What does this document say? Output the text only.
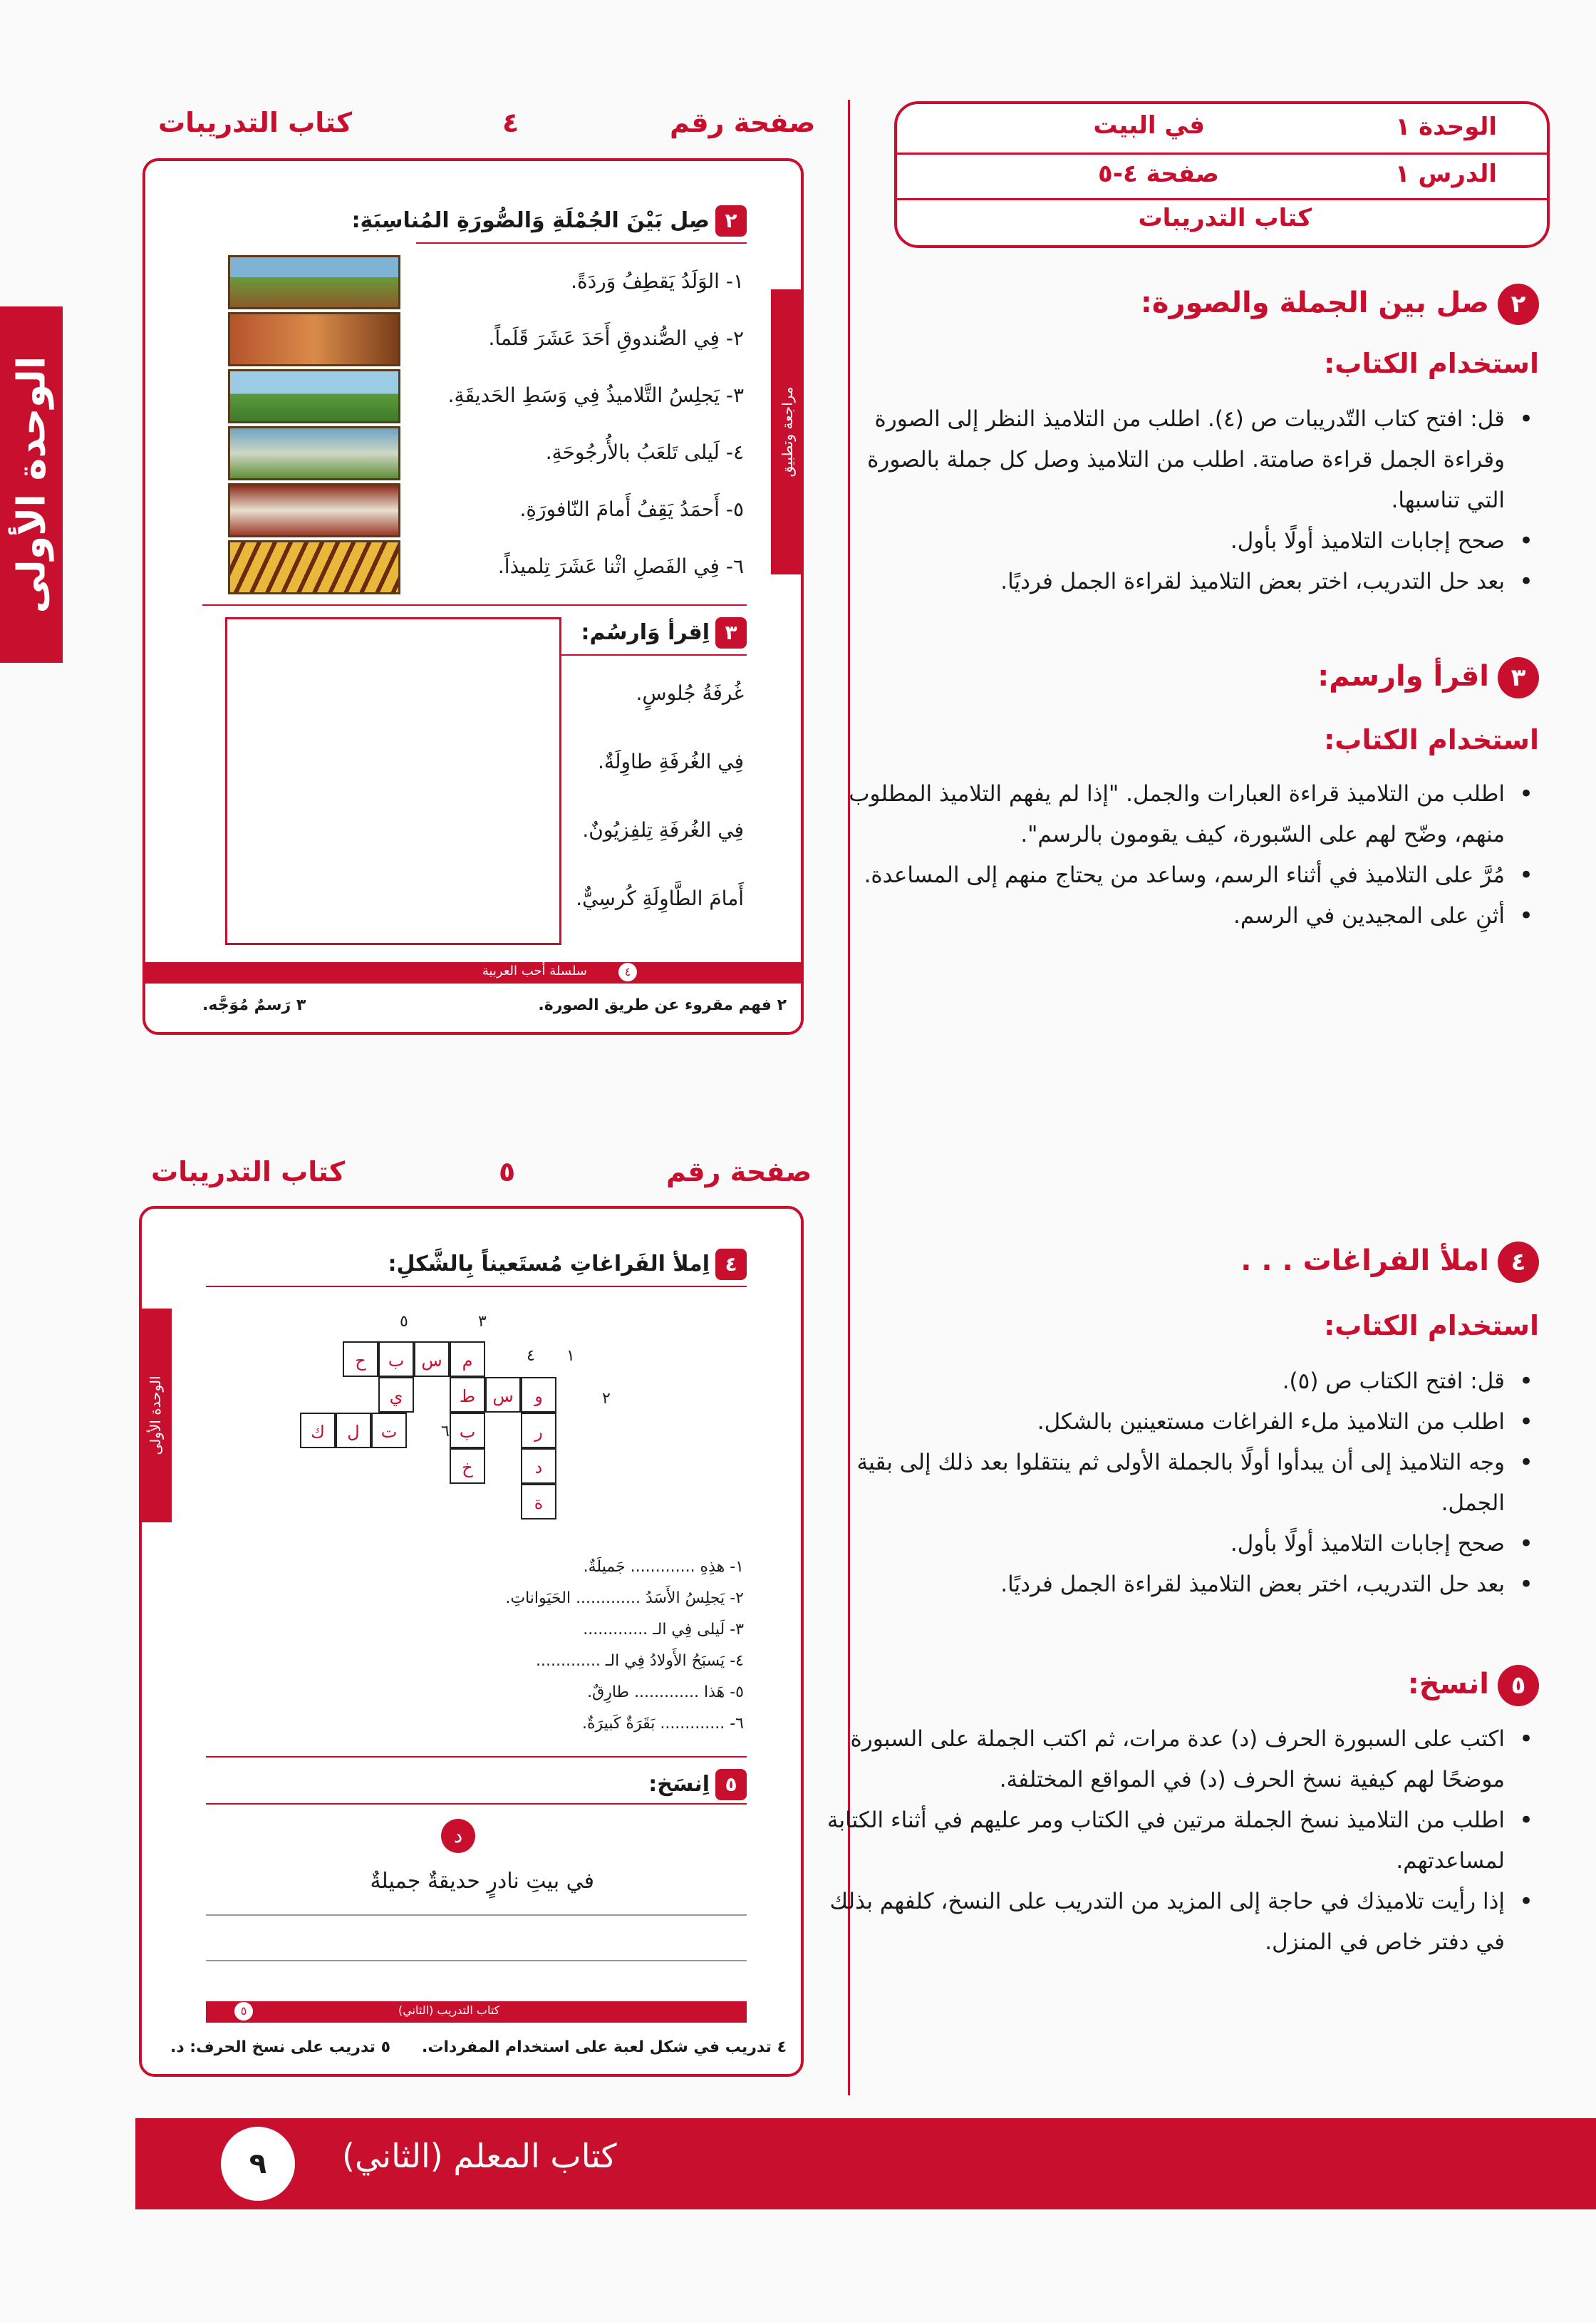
الوحدة الأولى
الوحدة ١
في البيت
الدرس ١
صفحة ٤-٥
كتاب التدريبات
٢صل بين الجملة والصورة:
استخدام الكتاب:
• قل: افتح كتاب التّدريبات ص (٤). اطلب من التلاميذ النظر إلى الصورة وقراءة الجمل قراءة صامتة. اطلب من التلاميذ وصل كل جملة بالصورة التي تناسبها.
• صحح إجابات التلاميذ أولًا بأول.
• بعد حل التدريب، اختر بعض التلاميذ لقراءة الجمل فرديًا.
٣اقرأ وارسم:
استخدام الكتاب:
• اطلب من التلاميذ قراءة العبارات والجمل. "إذا لم يفهم التلاميذ المطلوب منهم، وضّح لهم على السّبورة، كيف يقومون بالرسم".
• مُرَّ على التلاميذ في أثناء الرسم، وساعد من يحتاج منهم إلى المساعدة.
• أثنِ على المجيدين في الرسم.
٤املأ الفراغات . . .
استخدام الكتاب:
• قل: افتح الكتاب ص (٥).
• اطلب من التلاميذ ملء الفراغات مستعينين بالشكل.
• وجه التلاميذ إلى أن يبدأوا أولًا بالجملة الأولى ثم ينتقلوا بعد ذلك إلى بقية الجمل.
• صحح إجابات التلاميذ أولًا بأول.
• بعد حل التدريب، اختر بعض التلاميذ لقراءة الجمل فرديًا.
٥انسخ:
• اكتب على السبورة الحرف (د) عدة مرات، ثم اكتب الجملة على السبورة موضحًا لهم كيفية نسخ الحرف (د) في المواقع المختلفة.
• اطلب من التلاميذ نسخ الجملة مرتين في الكتاب ومر عليهم في أثناء الكتابة لمساعدتهم.
• إذا رأيت تلاميذك في حاجة إلى المزيد من التدريب على النسخ، كلفهم بذلك في دفتر خاص في المنزل.
صفحة رقم
٤
كتاب التدريبات
مراجعة وتطبيق
٢صِل بَيْنَ الجُمْلَةِ وَالصُّورَةِ المُناسِبَةِ:
١- الوَلَدُ يَقطِفُ وَردَةً.
٢- فِي الصُّندوقِ أَحَدَ عَشَرَ قَلَماً.
٣- يَجلِسُ التَّلاميذُ فِي وَسَطِ الحَديقَةِ.
٤- لَيلى تَلعَبُ بالأُرجُوحَةِ.
٥- أَحمَدُ يَقِفُ أَمامَ النّافورَةِ.
٦- فِي الفَصلِ اثْنا عَشَرَ تِلميذاً.
٣اِقرأ وَارسُم:
غُرفَةُ جُلوسٍ.
فِي الغُرفَةِ طاوِلَةٌ.
فِي الغُرفَةِ تِلفِزيُونٌ.
أَمامَ الطَّاوِلَةِ كُرسِيٌّ.
سلسلة أحب العربية	٤
٢ فهم مقروء عن طريق الصورة.
٣ رَسمٌ مُوَجَّه.
صفحة رقم
٥
كتاب التدريبات
الوحدة الأولى
٤اِملأ الفَراغاتِ مُستَعيناً بِالشَّكلِ:
٥	٣
١
٤
٢
٦
ح	ب	س	م
ي	ط	س	و
ك	ل	ت	ب	ر
خ	د
ة
١- هذِهِ ............. جَميلَةٌ.
٢- يَجلِسُ الأَسَدُ ............. الحَيَواناتِ.
٣- لَيلى فِي الـ .............
٤- يَسبَحُ الأَولادُ فِي الـ .............
٥- هَذا ............. طارِقٌ.
٦- ............. بَقَرَةٌ كَبيرَةٌ.
٥اِنسَخ:
د
في بيتِ نادرٍ حديقةٌ جميلةٌ
كتاب التدريب (الثاني)
٥
٤ تدريب في شكل لعبة على استخدام المفردات.
٥ تدريب على نسخ الحرف: د.
٩	كتاب المعلم (الثاني)
